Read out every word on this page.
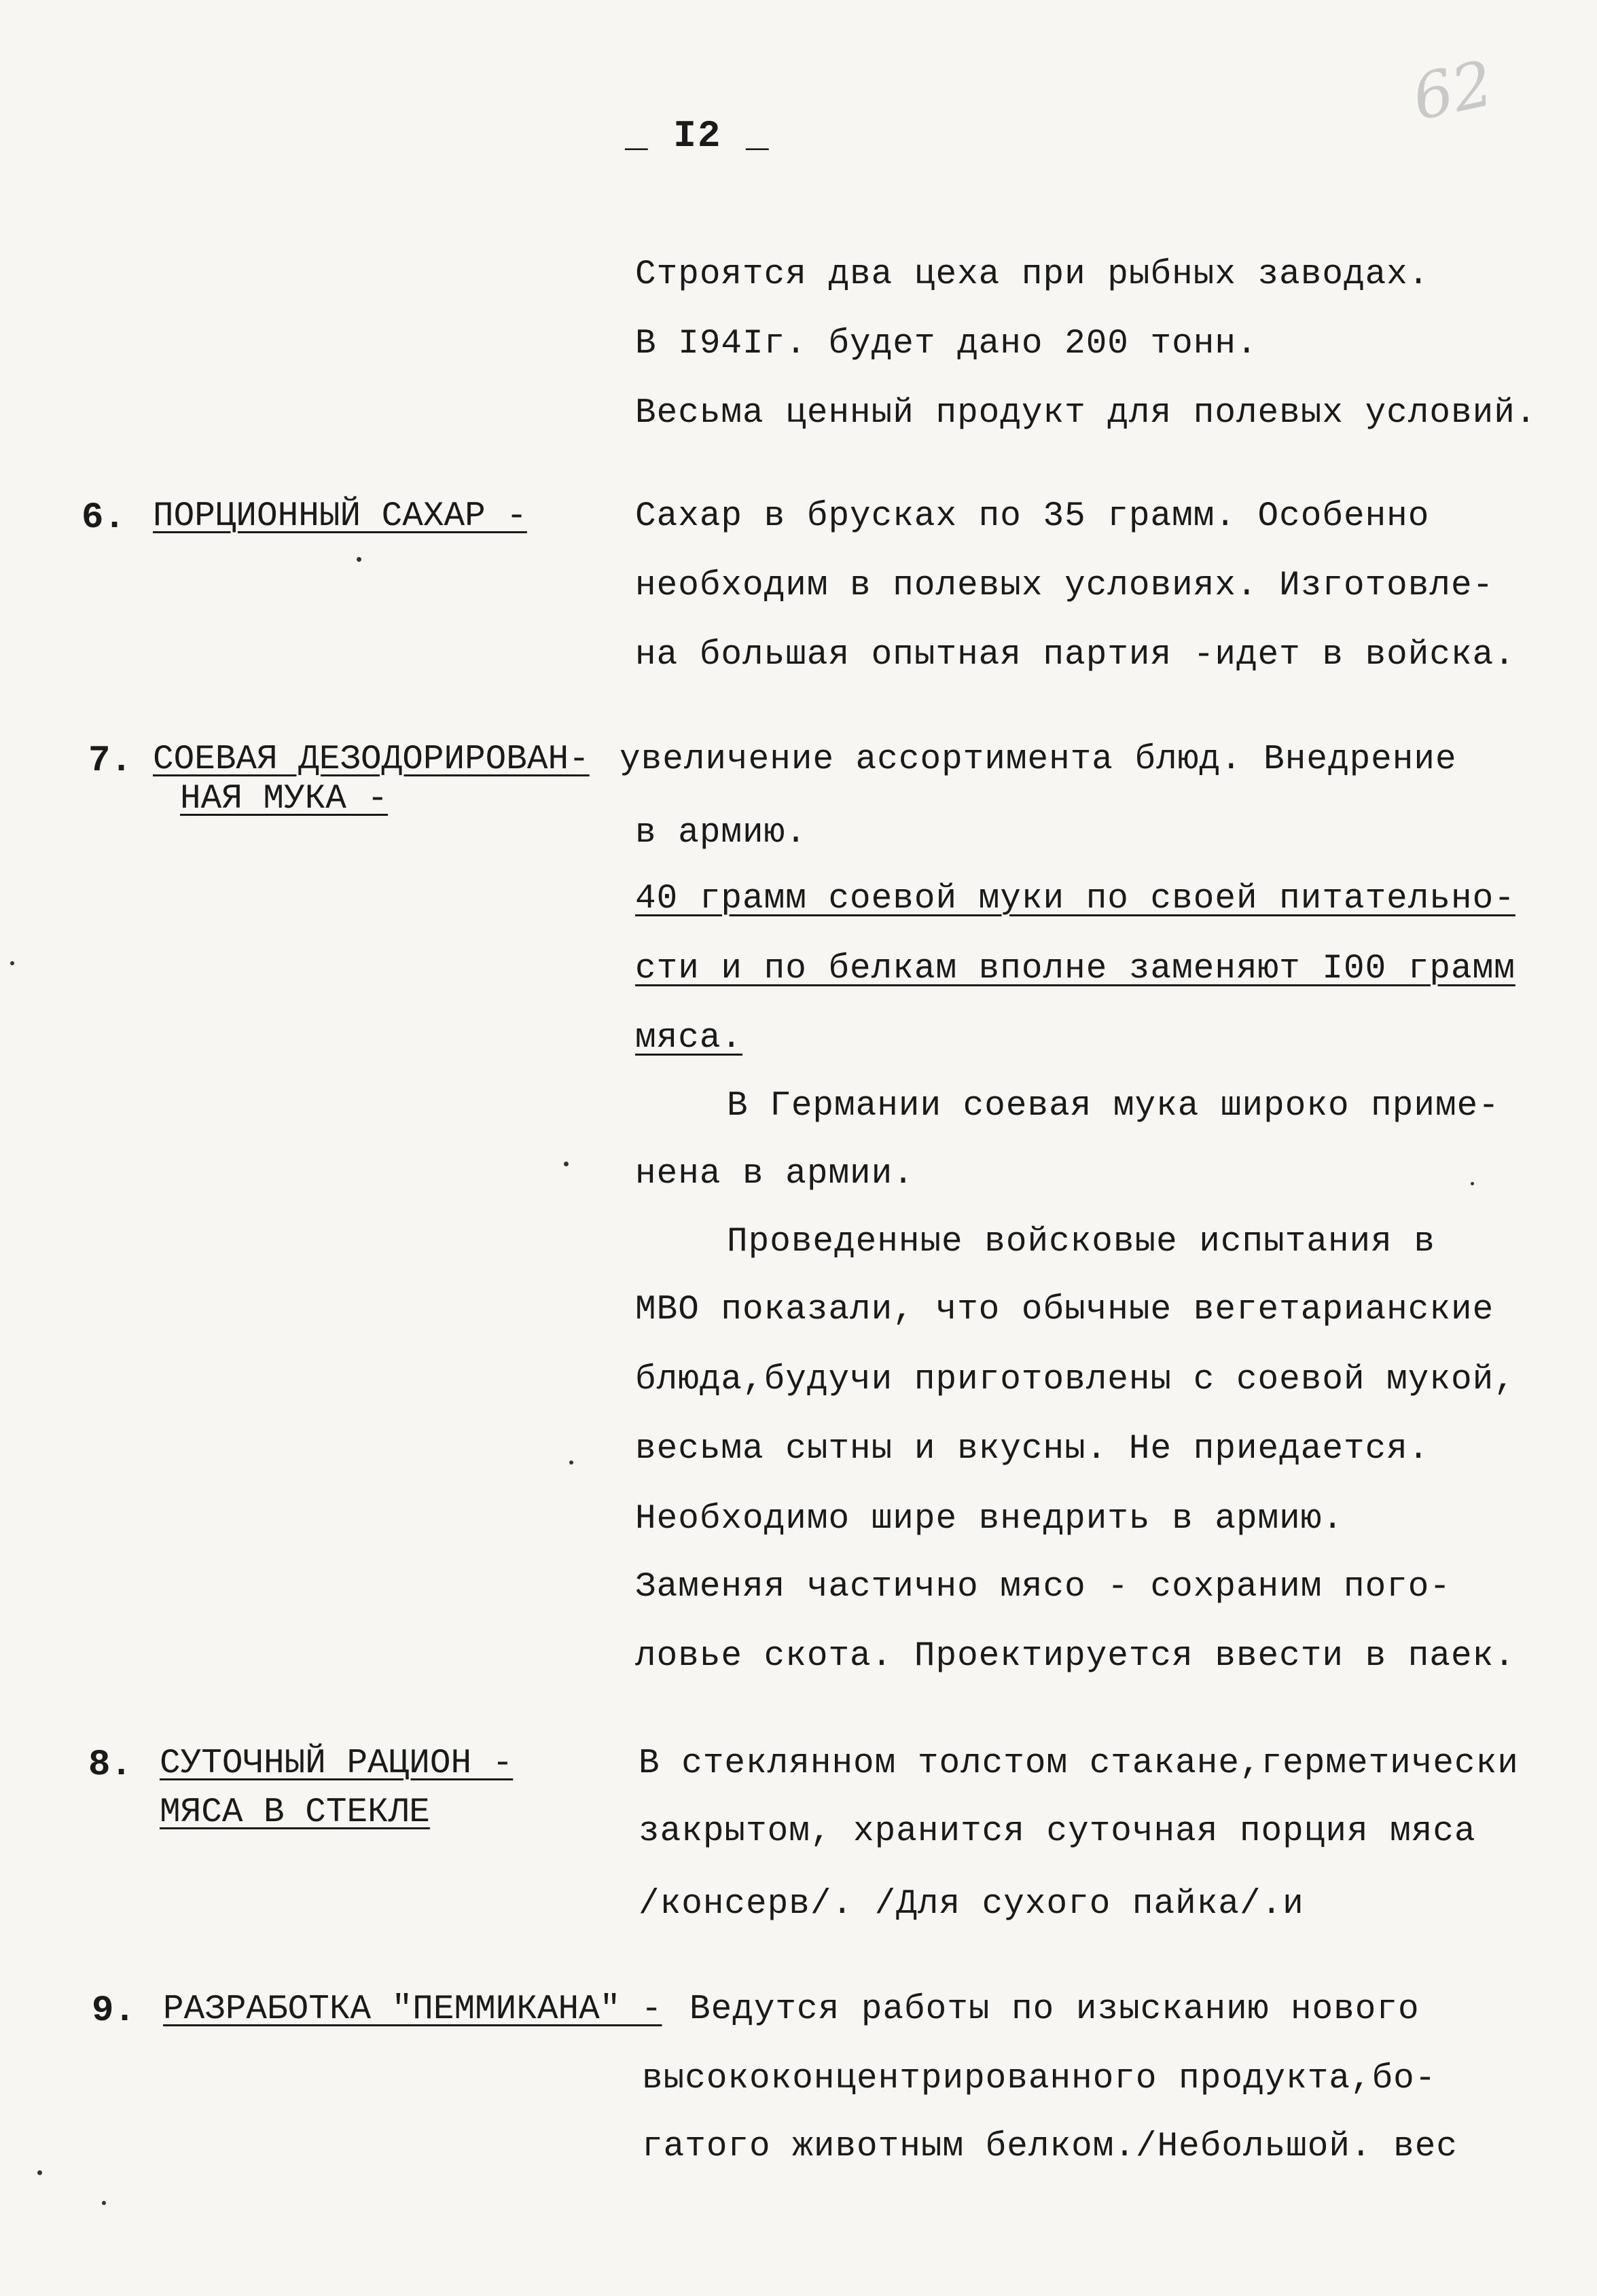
_ I2 _
62
Строятся два цеха при рыбных заводах.
В I94Iг. будет дано 200 тонн.
Весьма ценный продукт для полевых условий.
6. ПОРЦИОННЫЙ САХАР -	Сахар в брусках по 35 грамм. Особенно
необходим в полевых условиях. Изготовле-
на большая опытная партия -идет в войска.
7. СОЕВАЯ ДЕЗОДОРИРОВАН-
НАЯ МУКА -
увеличение ассортимента блюд. Внедрение
в армию.
40 грамм соевой муки по своей питательно-
сти и по белкам вполне заменяют I00 грамм
мяса.
В Германии соевая мука широко приме-
нена в армии.
Проведенные войсковые испытания в
МВО показали, что обычные вегетарианские
блюда,будучи приготовлены с соевой мукой,
весьма сытны и вкусны. Не приедается.
Необходимо шире внедрить в армию.
Заменяя частично мясо - сохраним пого-
ловье скота. Проектируется ввести в паек.
8. СУТОЧНЫЙ РАЦИОН -
МЯСА В СТЕКЛЕ
В стеклянном толстом стакане,герметически
закрытом, хранится суточная порция мяса
/консерв/. /Для сухого пайка/.и
9. РАЗРАБОТКА "ПЕММИКАНА" - Ведутся работы по изысканию нового
высококонцентрированного продукта,бо-
гатого животным белком./Небольшой. вес
